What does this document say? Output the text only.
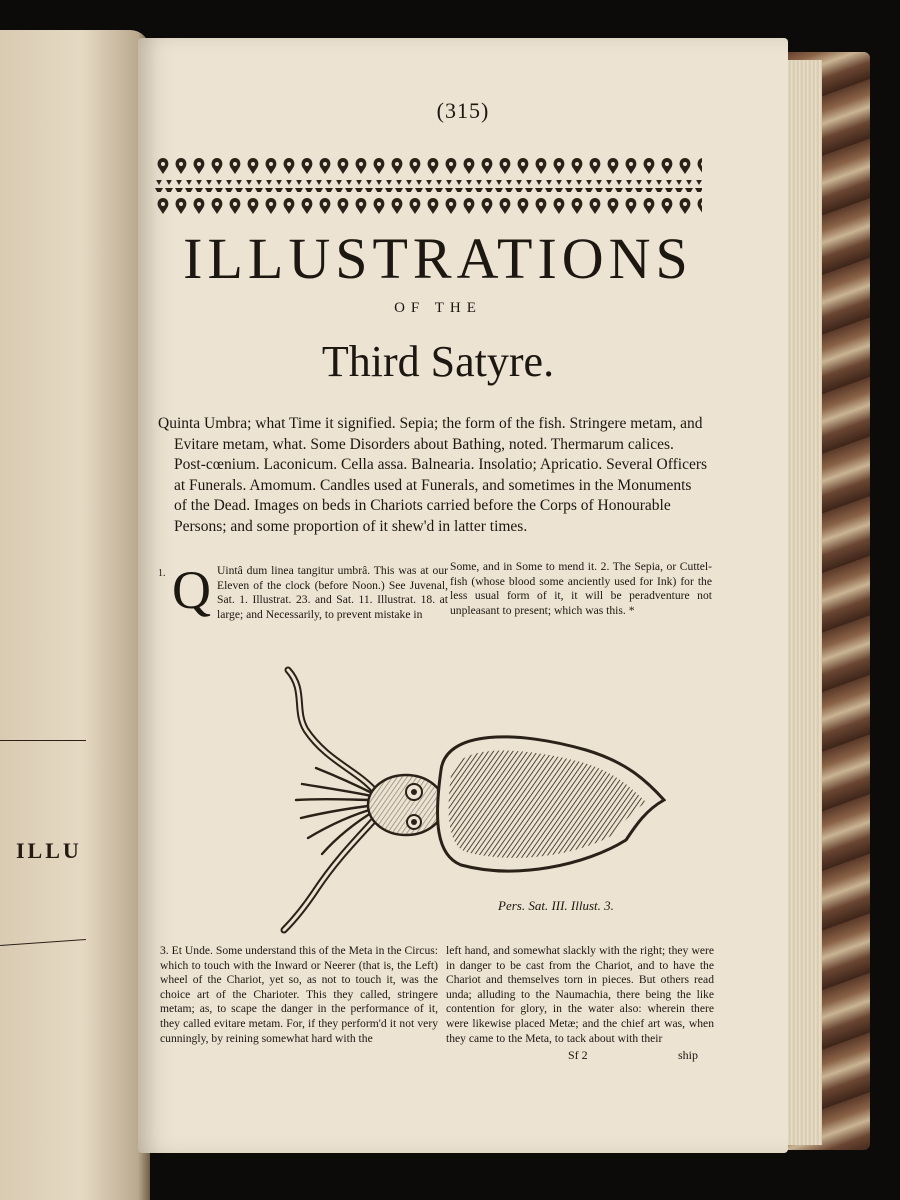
ILLU
(315)
ILLUSTRATIONS
OF THE
Third Satyre.
Quinta Umbra; what Time it signified. Sepia; the form of the fish. Stringere metam, and Evitare metam, what. Some Disorders about Bathing, noted. Thermarum calices. Post-cœnium. Laconicum. Cella assa. Balnearia. Insolatio; Apricatio. Several Officers at Funerals. Amomum. Candles used at Funerals, and sometimes in the Monuments of the Dead. Images on beds in Chariots carried before the Corps of Honourable Persons; and some proportion of it shew'd in latter times.
1. Q Uintâ dum linea tangitur umbrâ. This was at our Eleven of the clock (before Noon.) See Juvenal, Sat. 1. Illustrat. 23. and Sat. 11. Illustrat. 18. at large; and Necessarily, to prevent mistake in

Some, and in Some to mend it. 2. The Sepia, or Cuttel-fish (whose blood some anciently used for Ink) for the less usual form of it, it will be peradventure not unpleasant to present; which was this. *

Pers. Sat. III. Illust. 3.

3. Et Unde. Some understand this of the Meta in the Circus: which to touch with the Inward or Neerer (that is, the Left) wheel of the Chariot, yet so, as not to touch it, was the choice art of the Charioter. This they called, stringere metam; as, to scape the danger in the performance of it, they called evitare metam. For, if they perform'd it not very cunningly, by reining somewhat hard with the

left hand, and somewhat slackly with the right; they were in danger to be cast from the Chariot, and to have the Chariot and themselves torn in pieces. But others read unda; alluding to the Naumachia, there being the like contention for glory, in the water also: wherein there were likewise placed Metæ; and the chief art was, when they came to the Meta, to tack about with their

Sf 2	ship
